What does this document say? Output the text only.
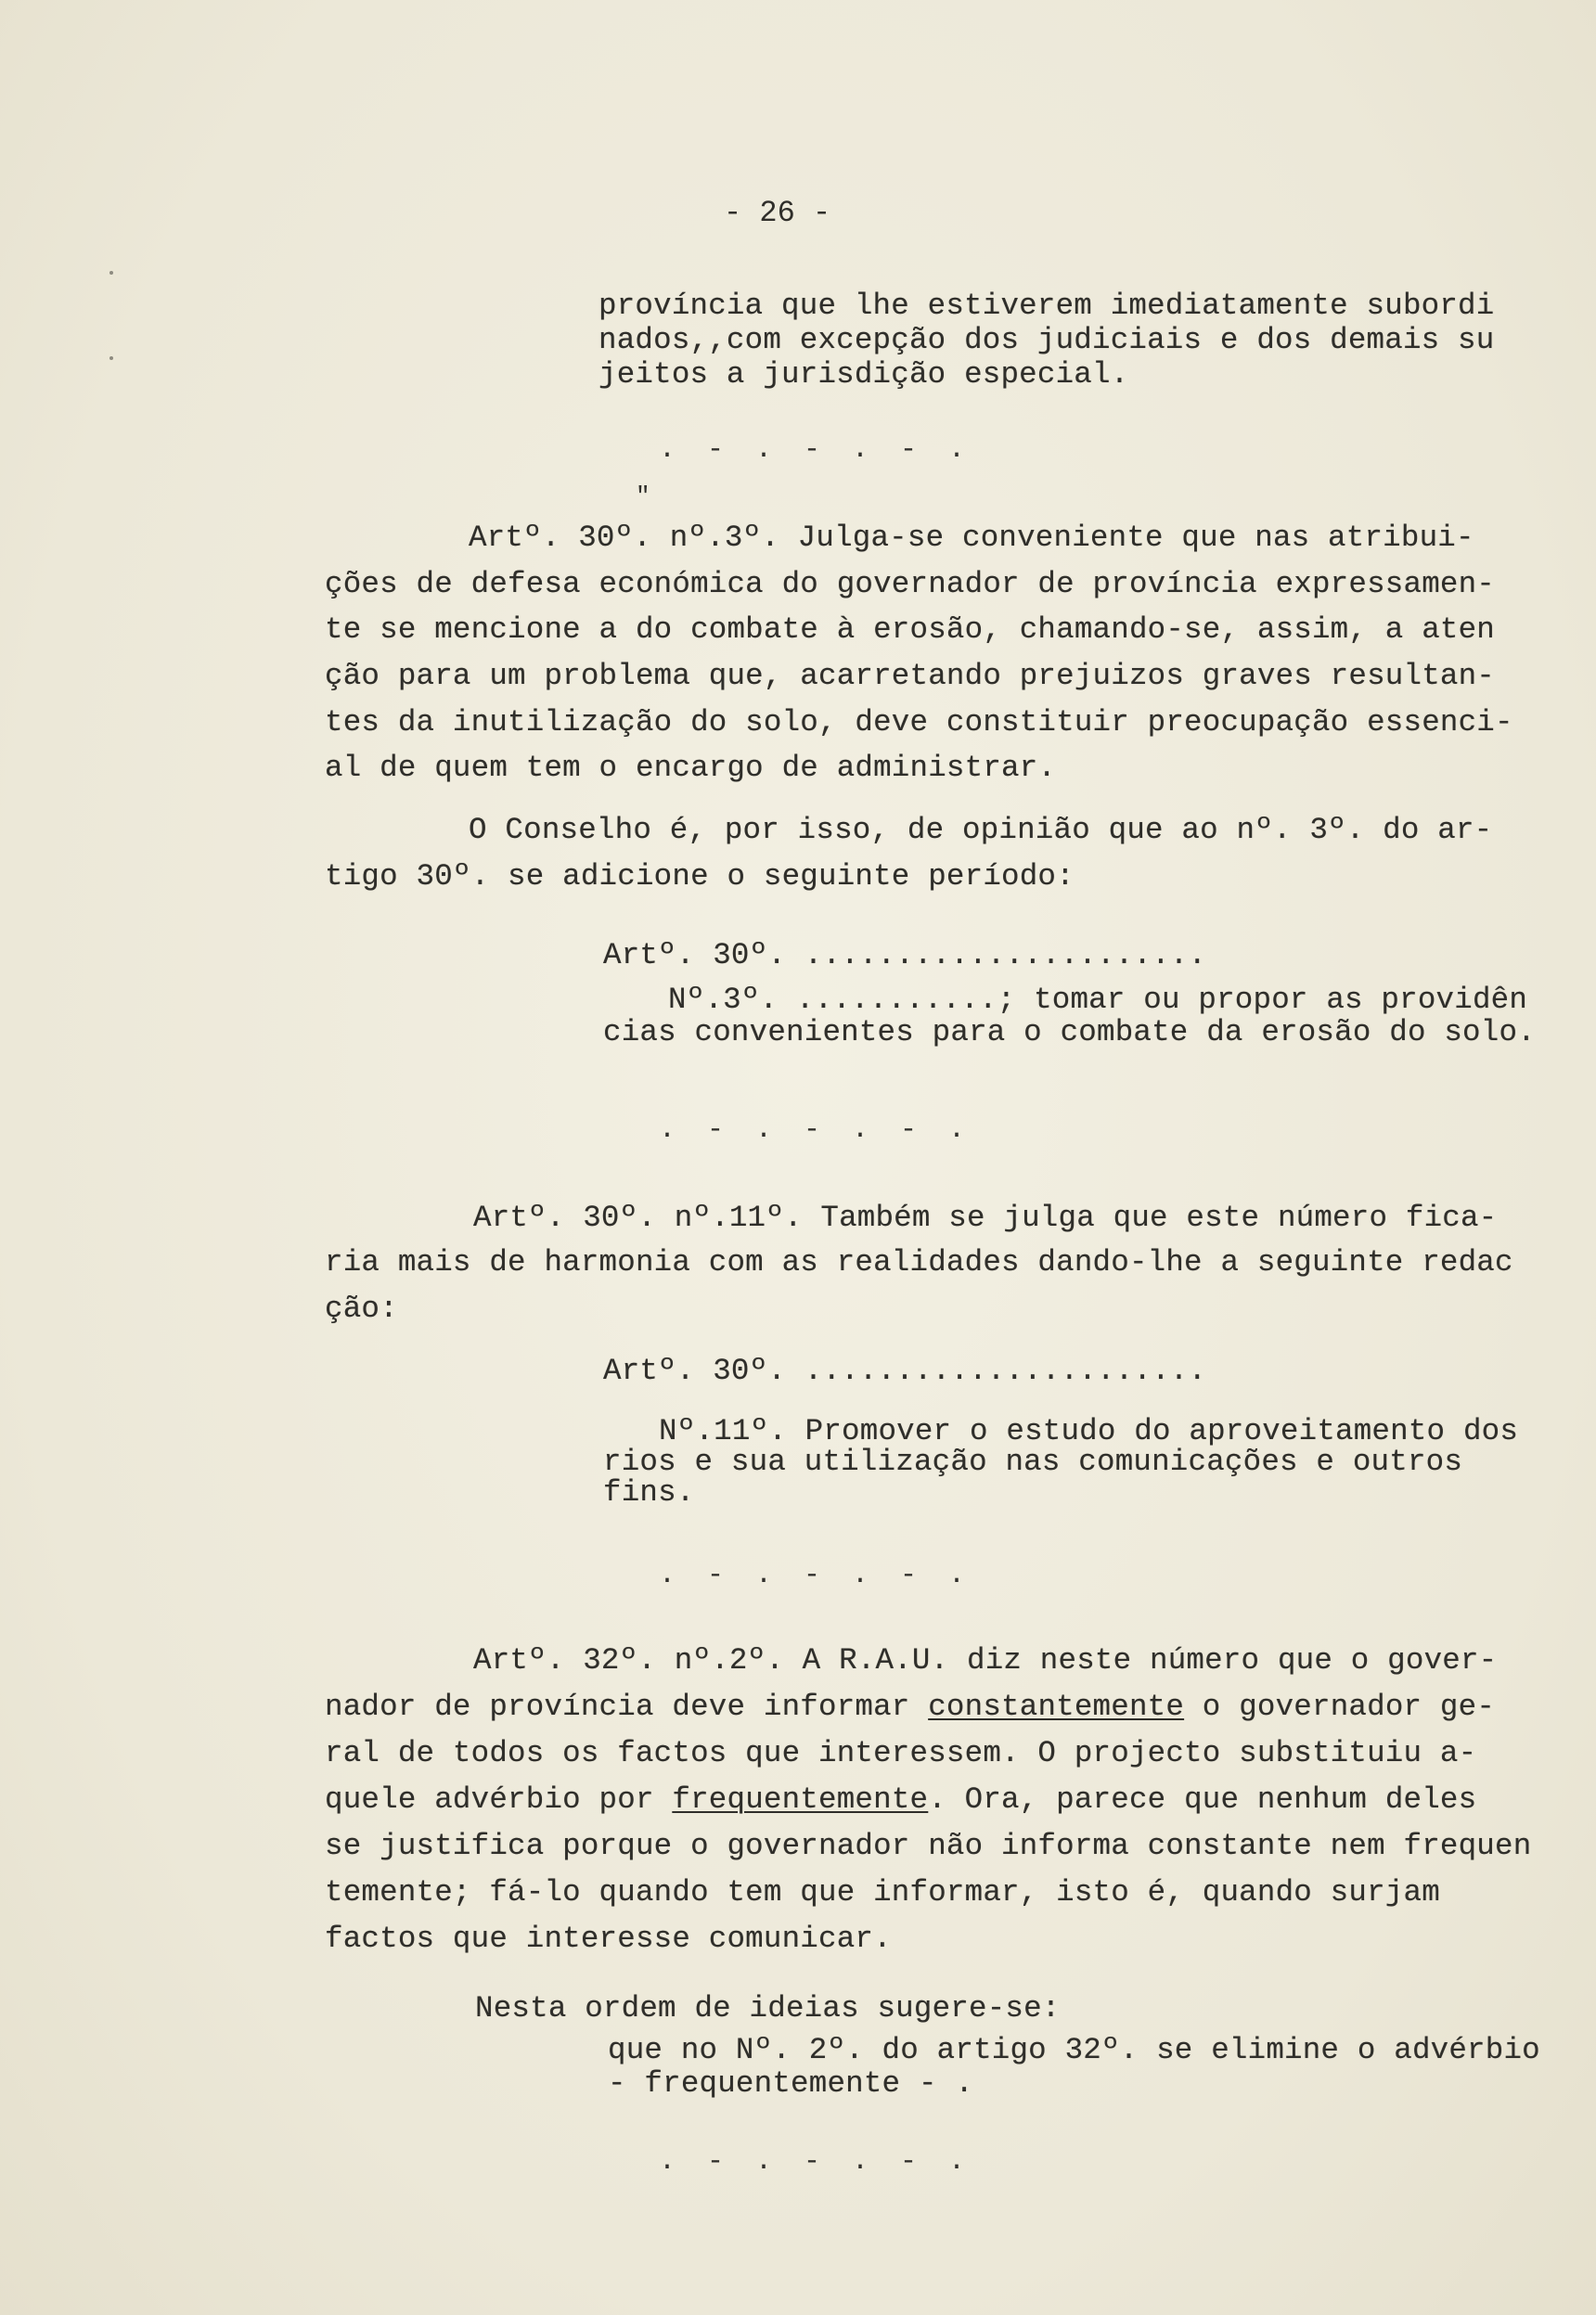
- 26 -
província que lhe estiverem imediatamente subordi
nados,,com excepção dos judiciais e dos demais su
jeitos a jurisdição especial.
. - . - . - .
"
Artº. 30º. nº.3º. Julga-se conveniente que nas atribui-
ções de defesa económica do governador de província expressamen-
te se mencione a do combate à erosão, chamando-se, assim, a aten
ção para um problema que, acarretando prejuizos graves resultan-
tes da inutilização do solo, deve constituir preocupação essenci-
al de quem tem o encargo de administrar.
O Conselho é, por isso, de opinião que ao nº. 3º. do ar-
tigo 30º. se adicione o seguinte período:
Artº. 30º. ......................
Nº.3º. ...........; tomar ou propor as providên
cias convenientes para o combate da erosão do solo.
. - . - . - .
Artº. 30º. nº.11º. Também se julga que este número fica-
ria mais de harmonia com as realidades dando-lhe a seguinte redac
ção:
Artº. 30º. ......................
Nº.11º. Promover o estudo do aproveitamento dos
rios e sua utilização nas comunicações e outros
fins.
. - . - . - .
Artº. 32º. nº.2º. A R.A.U. diz neste número que o gover-
nador de província deve informar constantemente o governador ge-
ral de todos os factos que interessem. O projecto substituiu a-
quele advérbio por frequentemente. Ora, parece que nenhum deles
se justifica porque o governador não informa constante nem frequen
temente; fá-lo quando tem que informar, isto é, quando surjam
factos que interesse comunicar.
Nesta ordem de ideias sugere-se:
que no Nº. 2º. do artigo 32º. se elimine o advérbio
- frequentemente - .
. - . - . - .
